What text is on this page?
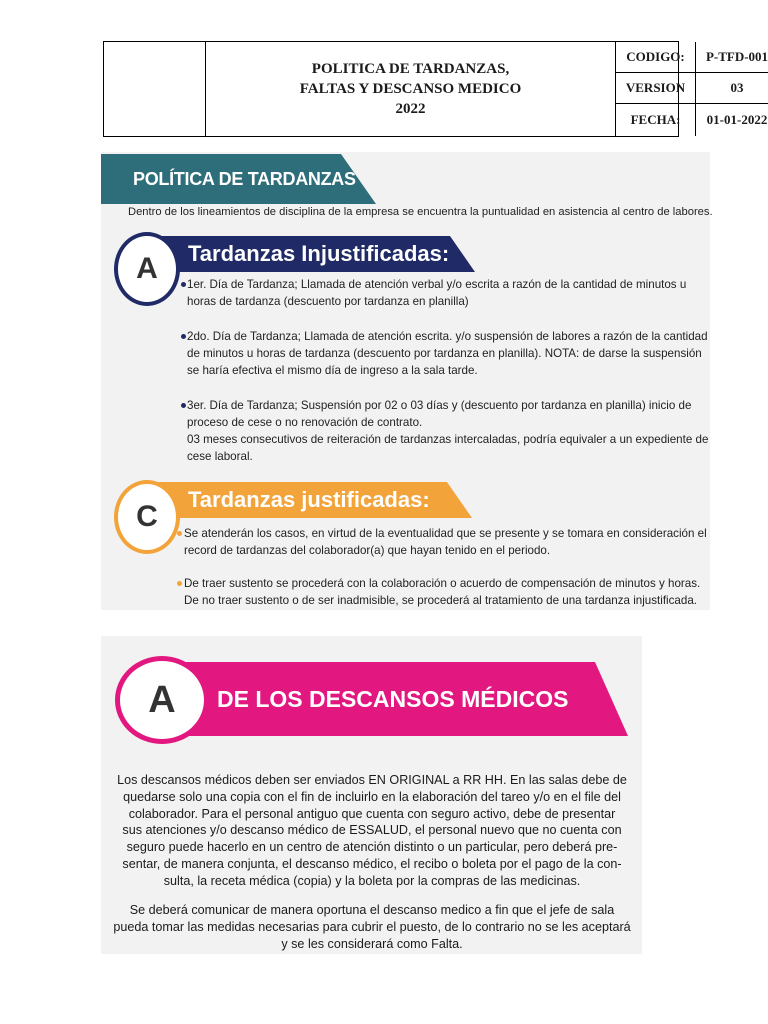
POLITICA DE TARDANZAS,
FALTAS Y DESCANSO MEDICO
2022
CODIGO:	P-TFD-001
VERSION	03
FECHA:	01-01-2022
POLÍTICA DE TARDANZAS
Dentro de los lineamientos de disciplina de la empresa se encuentra la puntualidad en asistencia al centro de labores.
Tardanzas Injustificadas:
A	1er. Día de Tardanza; Llamada de atención verbal y/o escrita a razón de la cantidad de minutos u
horas de tardanza (descuento por tardanza en planilla)
2do. Día de Tardanza; Llamada de atención escrita. y/o suspensión de labores a razón de la cantidad
de minutos u horas de tardanza (descuento por tardanza en planilla). NOTA: de darse la suspensión
se haría efectiva el mismo día de ingreso a la sala tarde.
3er. Día de Tardanza; Suspensión por 02 o 03 días y (descuento por tardanza en planilla) inicio de
proceso de cese o no renovación de contrato.
03 meses consecutivos de reiteración de tardanzas intercaladas, podría equivaler a un expediente de
cese laboral.
Tardanzas justificadas:
C
Se atenderán los casos, en virtud de la eventualidad que se presente y se tomara en consideración el
record de tardanzas del colaborador(a) que hayan tenido en el periodo.
De traer sustento se procederá con la colaboración o acuerdo de compensación de minutos y horas.
De no traer sustento o de ser inadmisible, se procederá al tratamiento de una tardanza injustificada.
DE LOS DESCANSOS MÉDICOS
A
Los descansos médicos deben ser enviados EN ORIGINAL a RR HH. En las salas debe de
quedarse solo una copia con el fin de incluirlo en la elaboración del tareo y/o en el file del
colaborador. Para el personal antiguo que cuenta con seguro activo, debe de presentar
sus atenciones y/o descanso médico de ESSALUD, el personal nuevo que no cuenta con
seguro puede hacerlo en un centro de atención distinto o un particular, pero deberá pre-
sentar, de manera conjunta, el descanso médico, el recibo o boleta por el pago de la con-
sulta, la receta médica (copia) y la boleta por la compras de las medicinas.
Se deberá comunicar de manera oportuna el descanso medico a fin que el jefe de sala
pueda tomar las medidas necesarias para cubrir el puesto, de lo contrario no se les aceptará
y se les considerará como Falta.
